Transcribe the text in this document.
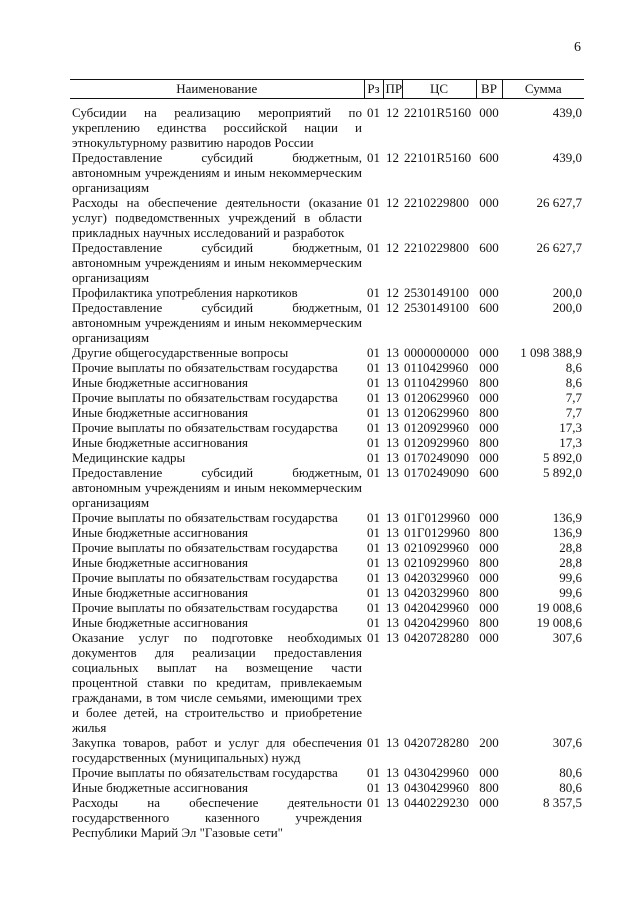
6
Наименование	Рз	ПР	ЦС	ВР	Сумма
Субсидии на реализацию мероприятий по укреплению единства российской нации и этнокультурному развитию народов России	01	12	22101R5160	000	439,0
Предоставление субсидий бюджетным, автономным учреждениям и иным некоммерческим организациям	01	12	22101R5160	600	439,0
Расходы на обеспечение деятельности (оказание услуг) подведомственных учреждений в области прикладных научных исследований и разработок	01	12	2210229800	000	26 627,7
Предоставление субсидий бюджетным, автономным учреждениям и иным некоммерческим организациям	01	12	2210229800	600	26 627,7
Профилактика употребления наркотиков	01	12	2530149100	000	200,0
Предоставление субсидий бюджетным, автономным учреждениям и иным некоммерческим организациям	01	12	2530149100	600	200,0
Другие общегосударственные вопросы	01	13	0000000000	000	1 098 388,9
Прочие выплаты по обязательствам государства	01	13	0110429960	000	8,6
Иные бюджетные ассигнования	01	13	0110429960	800	8,6
Прочие выплаты по обязательствам государства	01	13	0120629960	000	7,7
Иные бюджетные ассигнования	01	13	0120629960	800	7,7
Прочие выплаты по обязательствам государства	01	13	0120929960	000	17,3
Иные бюджетные ассигнования	01	13	0120929960	800	17,3
Медицинские кадры	01	13	0170249090	000	5 892,0
Предоставление субсидий бюджетным, автономным учреждениям и иным некоммерческим организациям	01	13	0170249090	600	5 892,0
Прочие выплаты по обязательствам государства	01	13	01Г0129960	000	136,9
Иные бюджетные ассигнования	01	13	01Г0129960	800	136,9
Прочие выплаты по обязательствам государства	01	13	0210929960	000	28,8
Иные бюджетные ассигнования	01	13	0210929960	800	28,8
Прочие выплаты по обязательствам государства	01	13	0420329960	000	99,6
Иные бюджетные ассигнования	01	13	0420329960	800	99,6
Прочие выплаты по обязательствам государства	01	13	0420429960	000	19 008,6
Иные бюджетные ассигнования	01	13	0420429960	800	19 008,6
Оказание услуг по подготовке необходимых документов для реализации предоставления социальных выплат на возмещение части процентной ставки по кредитам, привлекаемым гражданами, в том числе семьями, имеющими трех и более детей, на строительство и приобретение жилья	01	13	0420728280	000	307,6
Закупка товаров, работ и услуг для обеспечения государственных (муниципальных) нужд	01	13	0420728280	200	307,6
Прочие выплаты по обязательствам государства	01	13	0430429960	000	80,6
Иные бюджетные ассигнования	01	13	0430429960	800	80,6
Расходы на обеспечение деятельности государственного казенного учреждения Республики Марий Эл "Газовые сети"	01	13	0440229230	000	8 357,5
